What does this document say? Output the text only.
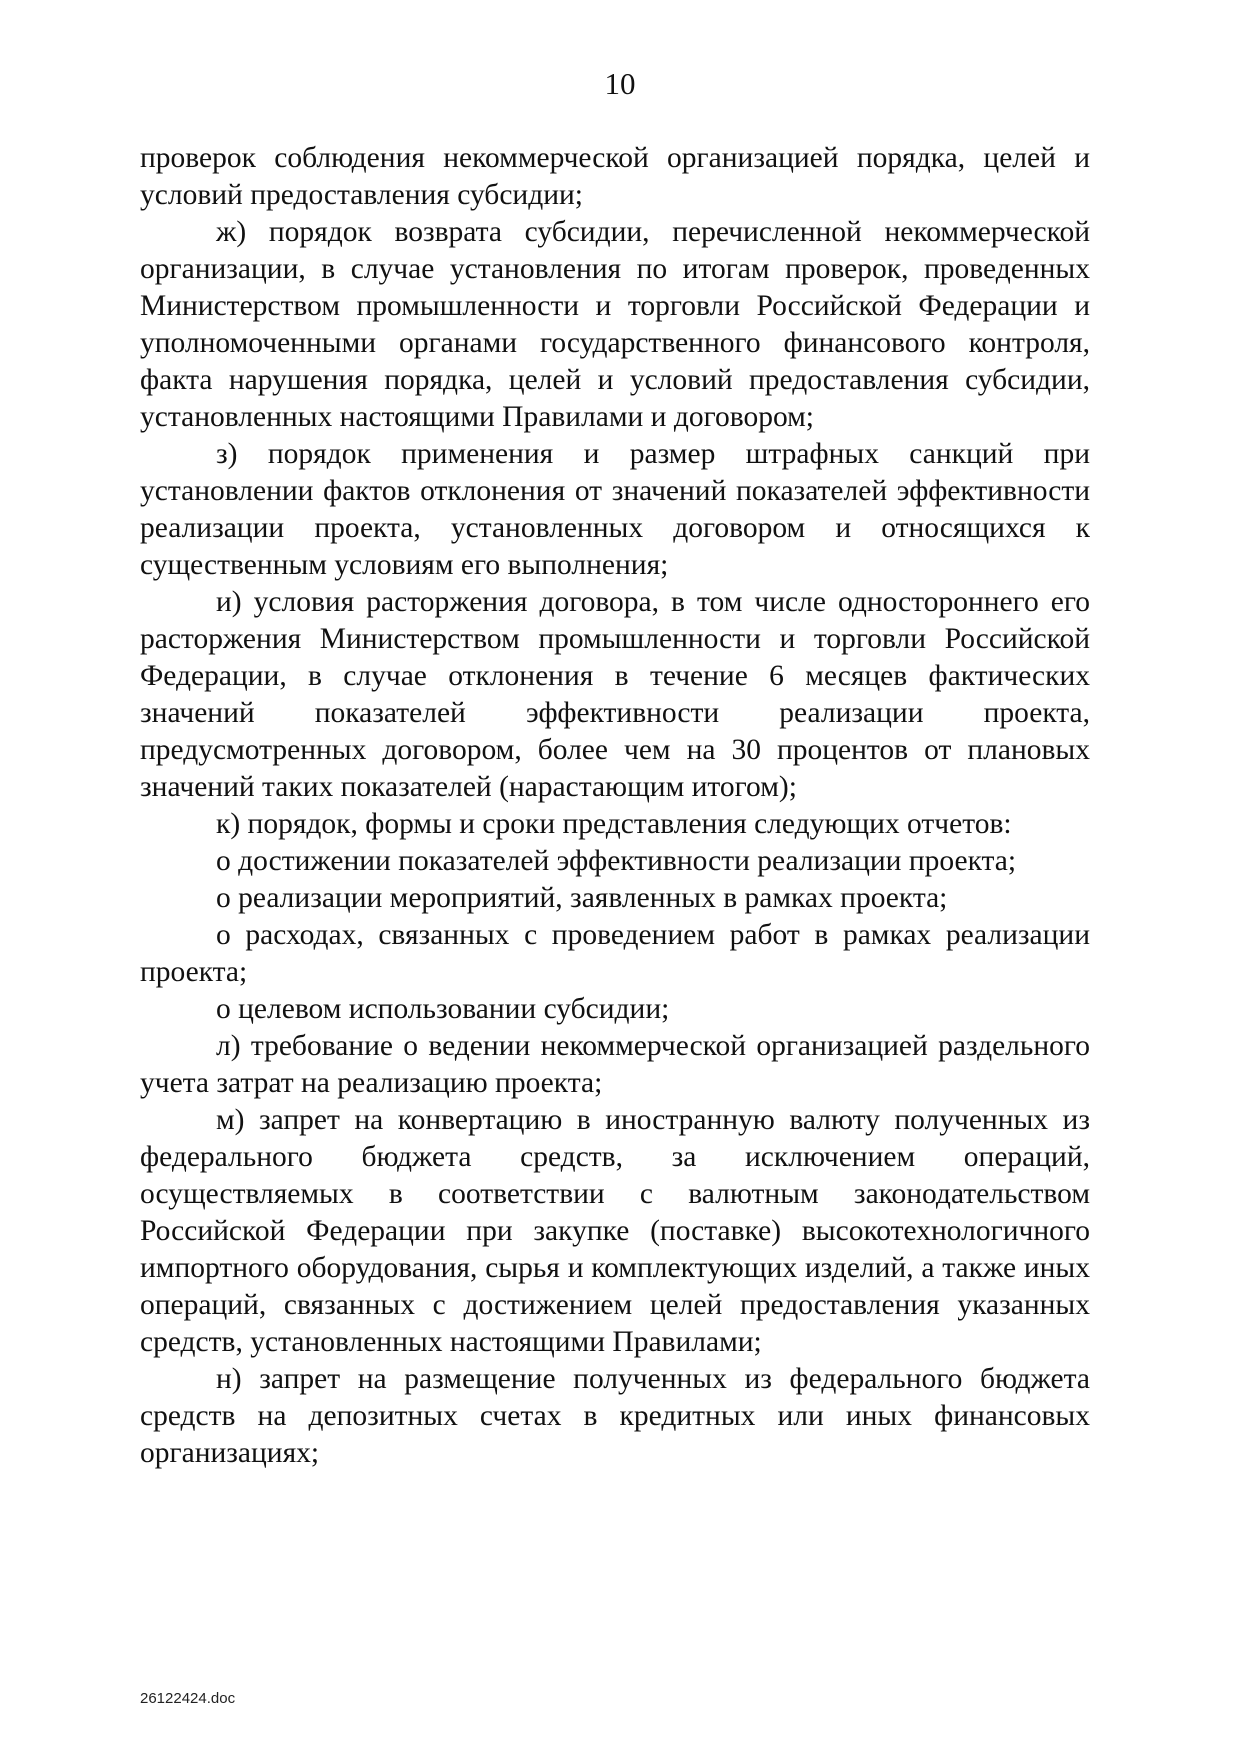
10

проверок соблюдения некоммерческой организацией порядка, целей и условий предоставления субсидии;

ж) порядок возврата субсидии, перечисленной некоммерческой организации, в случае установления по итогам проверок, проведенных Министерством промышленности и торговли Российской Федерации и уполномоченными органами государственного финансового контроля, факта нарушения порядка, целей и условий предоставления субсидии, установленных настоящими Правилами и договором;

з) порядок применения и размер штрафных санкций при установлении фактов отклонения от значений показателей эффективности реализации проекта, установленных договором и относящихся к существенным условиям его выполнения;

и) условия расторжения договора, в том числе одностороннего его расторжения Министерством промышленности и торговли Российской Федерации, в случае отклонения в течение 6 месяцев фактических значений показателей эффективности реализации проекта, предусмотренных договором, более чем на 30 процентов от плановых значений таких показателей (нарастающим итогом);

к) порядок, формы и сроки представления следующих отчетов:

о достижении показателей эффективности реализации проекта;

о реализации мероприятий, заявленных в рамках проекта;

о расходах, связанных с проведением работ в рамках реализации проекта;

о целевом использовании субсидии;

л) требование о ведении некоммерческой организацией раздельного учета затрат на реализацию проекта;

м) запрет на конвертацию в иностранную валюту полученных из федерального бюджета средств, за исключением операций, осуществляемых в соответствии с валютным законодательством Российской Федерации при закупке (поставке) высокотехнологичного импортного оборудования, сырья и комплектующих изделий, а также иных операций, связанных с достижением целей предоставления указанных средств, установленных настоящими Правилами;

н) запрет на размещение полученных из федерального бюджета средств на депозитных счетах в кредитных или иных финансовых организациях;

26122424.doc
